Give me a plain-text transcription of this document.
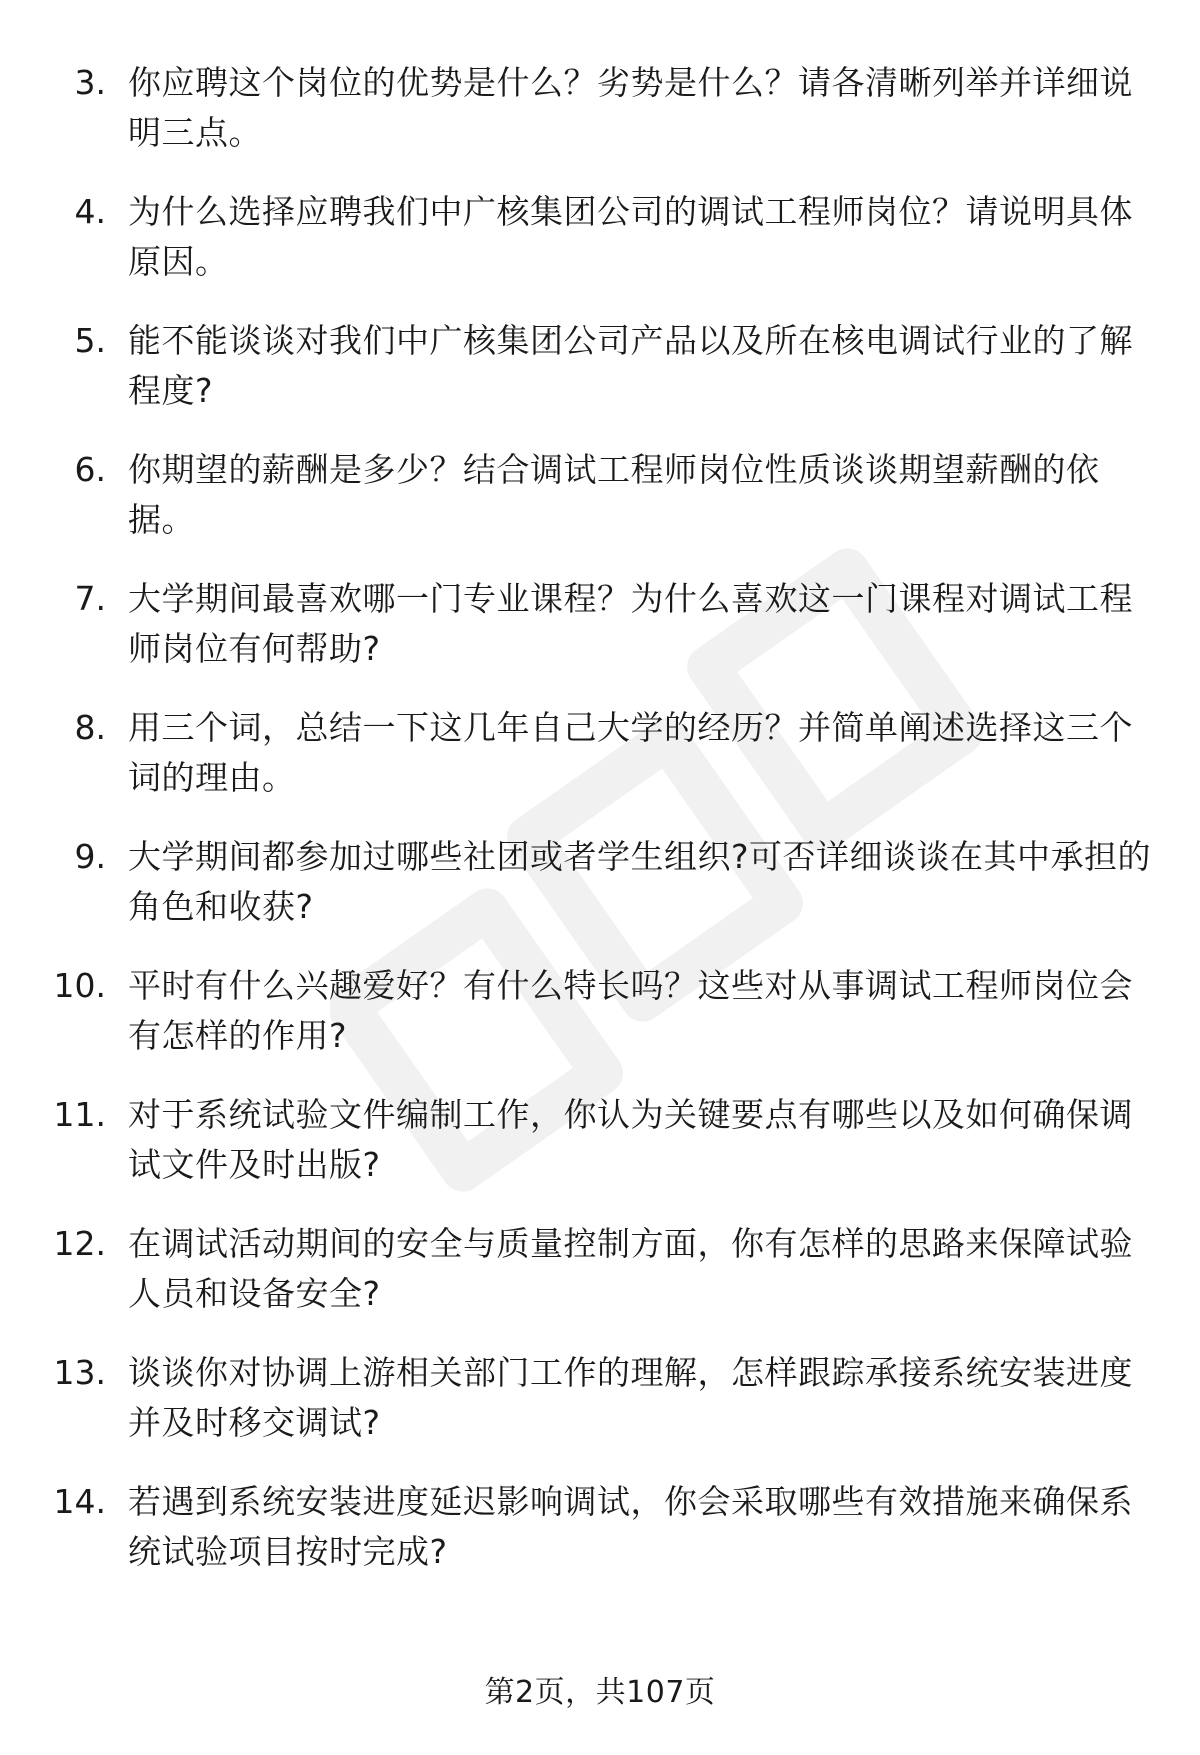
3. 你应聘这个岗位的优势是什么？劣势是什么？请各清晰列举并详细说明三点。
4. 为什么选择应聘我们中广核集团公司的调试工程师岗位？请说明具体原因。
5. 能不能谈谈对我们中广核集团公司产品以及所在核电调试行业的了解程度?
6. 你期望的薪酬是多少？结合调试工程师岗位性质谈谈期望薪酬的依据。
7. 大学期间最喜欢哪一门专业课程？为什么喜欢这一门课程对调试工程师岗位有何帮助?
8. 用三个词，总结一下这几年自己大学的经历？并简单阐述选择这三个词的理由。
9. 大学期间都参加过哪些社团或者学生组织?可否详细谈谈在其中承担的角色和收获?
10. 平时有什么兴趣爱好？有什么特长吗？这些对从事调试工程师岗位会有怎样的作用?
11. 对于系统试验文件编制工作，你认为关键要点有哪些以及如何确保调试文件及时出版?
12. 在调试活动期间的安全与质量控制方面，你有怎样的思路来保障试验人员和设备安全?
13. 谈谈你对协调上游相关部门工作的理解，怎样跟踪承接系统安装进度并及时移交调试?
14. 若遇到系统安装进度延迟影响调试，你会采取哪些有效措施来确保系统试验项目按时完成?
第2页，共107页
